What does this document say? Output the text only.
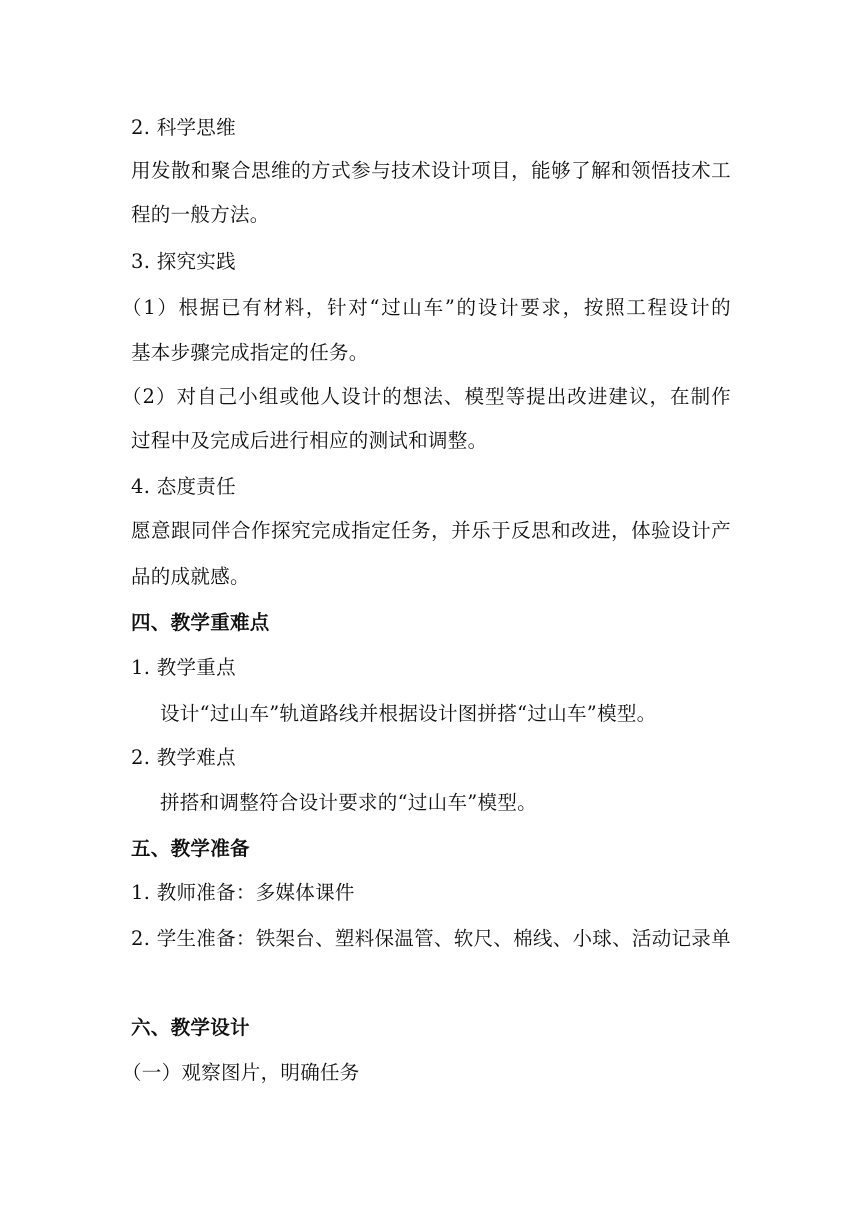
2. 科学思维
用发散和聚合思维的方式参与技术设计项目，能够了解和领悟技术工
程的一般方法。
3. 探究实践
（1）根据已有材料，针对“过山车”的设计要求，按照工程设计的
基本步骤完成指定的任务。
（2）对自己小组或他人设计的想法、模型等提出改进建议，在制作
过程中及完成后进行相应的测试和调整。
4. 态度责任
愿意跟同伴合作探究完成指定任务，并乐于反思和改进，体验设计产
品的成就感。
四、教学重难点
1. 教学重点
设计“过山车”轨道路线并根据设计图拼搭“过山车”模型。
2. 教学难点
拼搭和调整符合设计要求的“过山车”模型。
五、教学准备
1. 教师准备：多媒体课件
2. 学生准备：铁架台、塑料保温管、软尺、棉线、小球、活动记录单
六、教学设计
（一）观察图片，明确任务
